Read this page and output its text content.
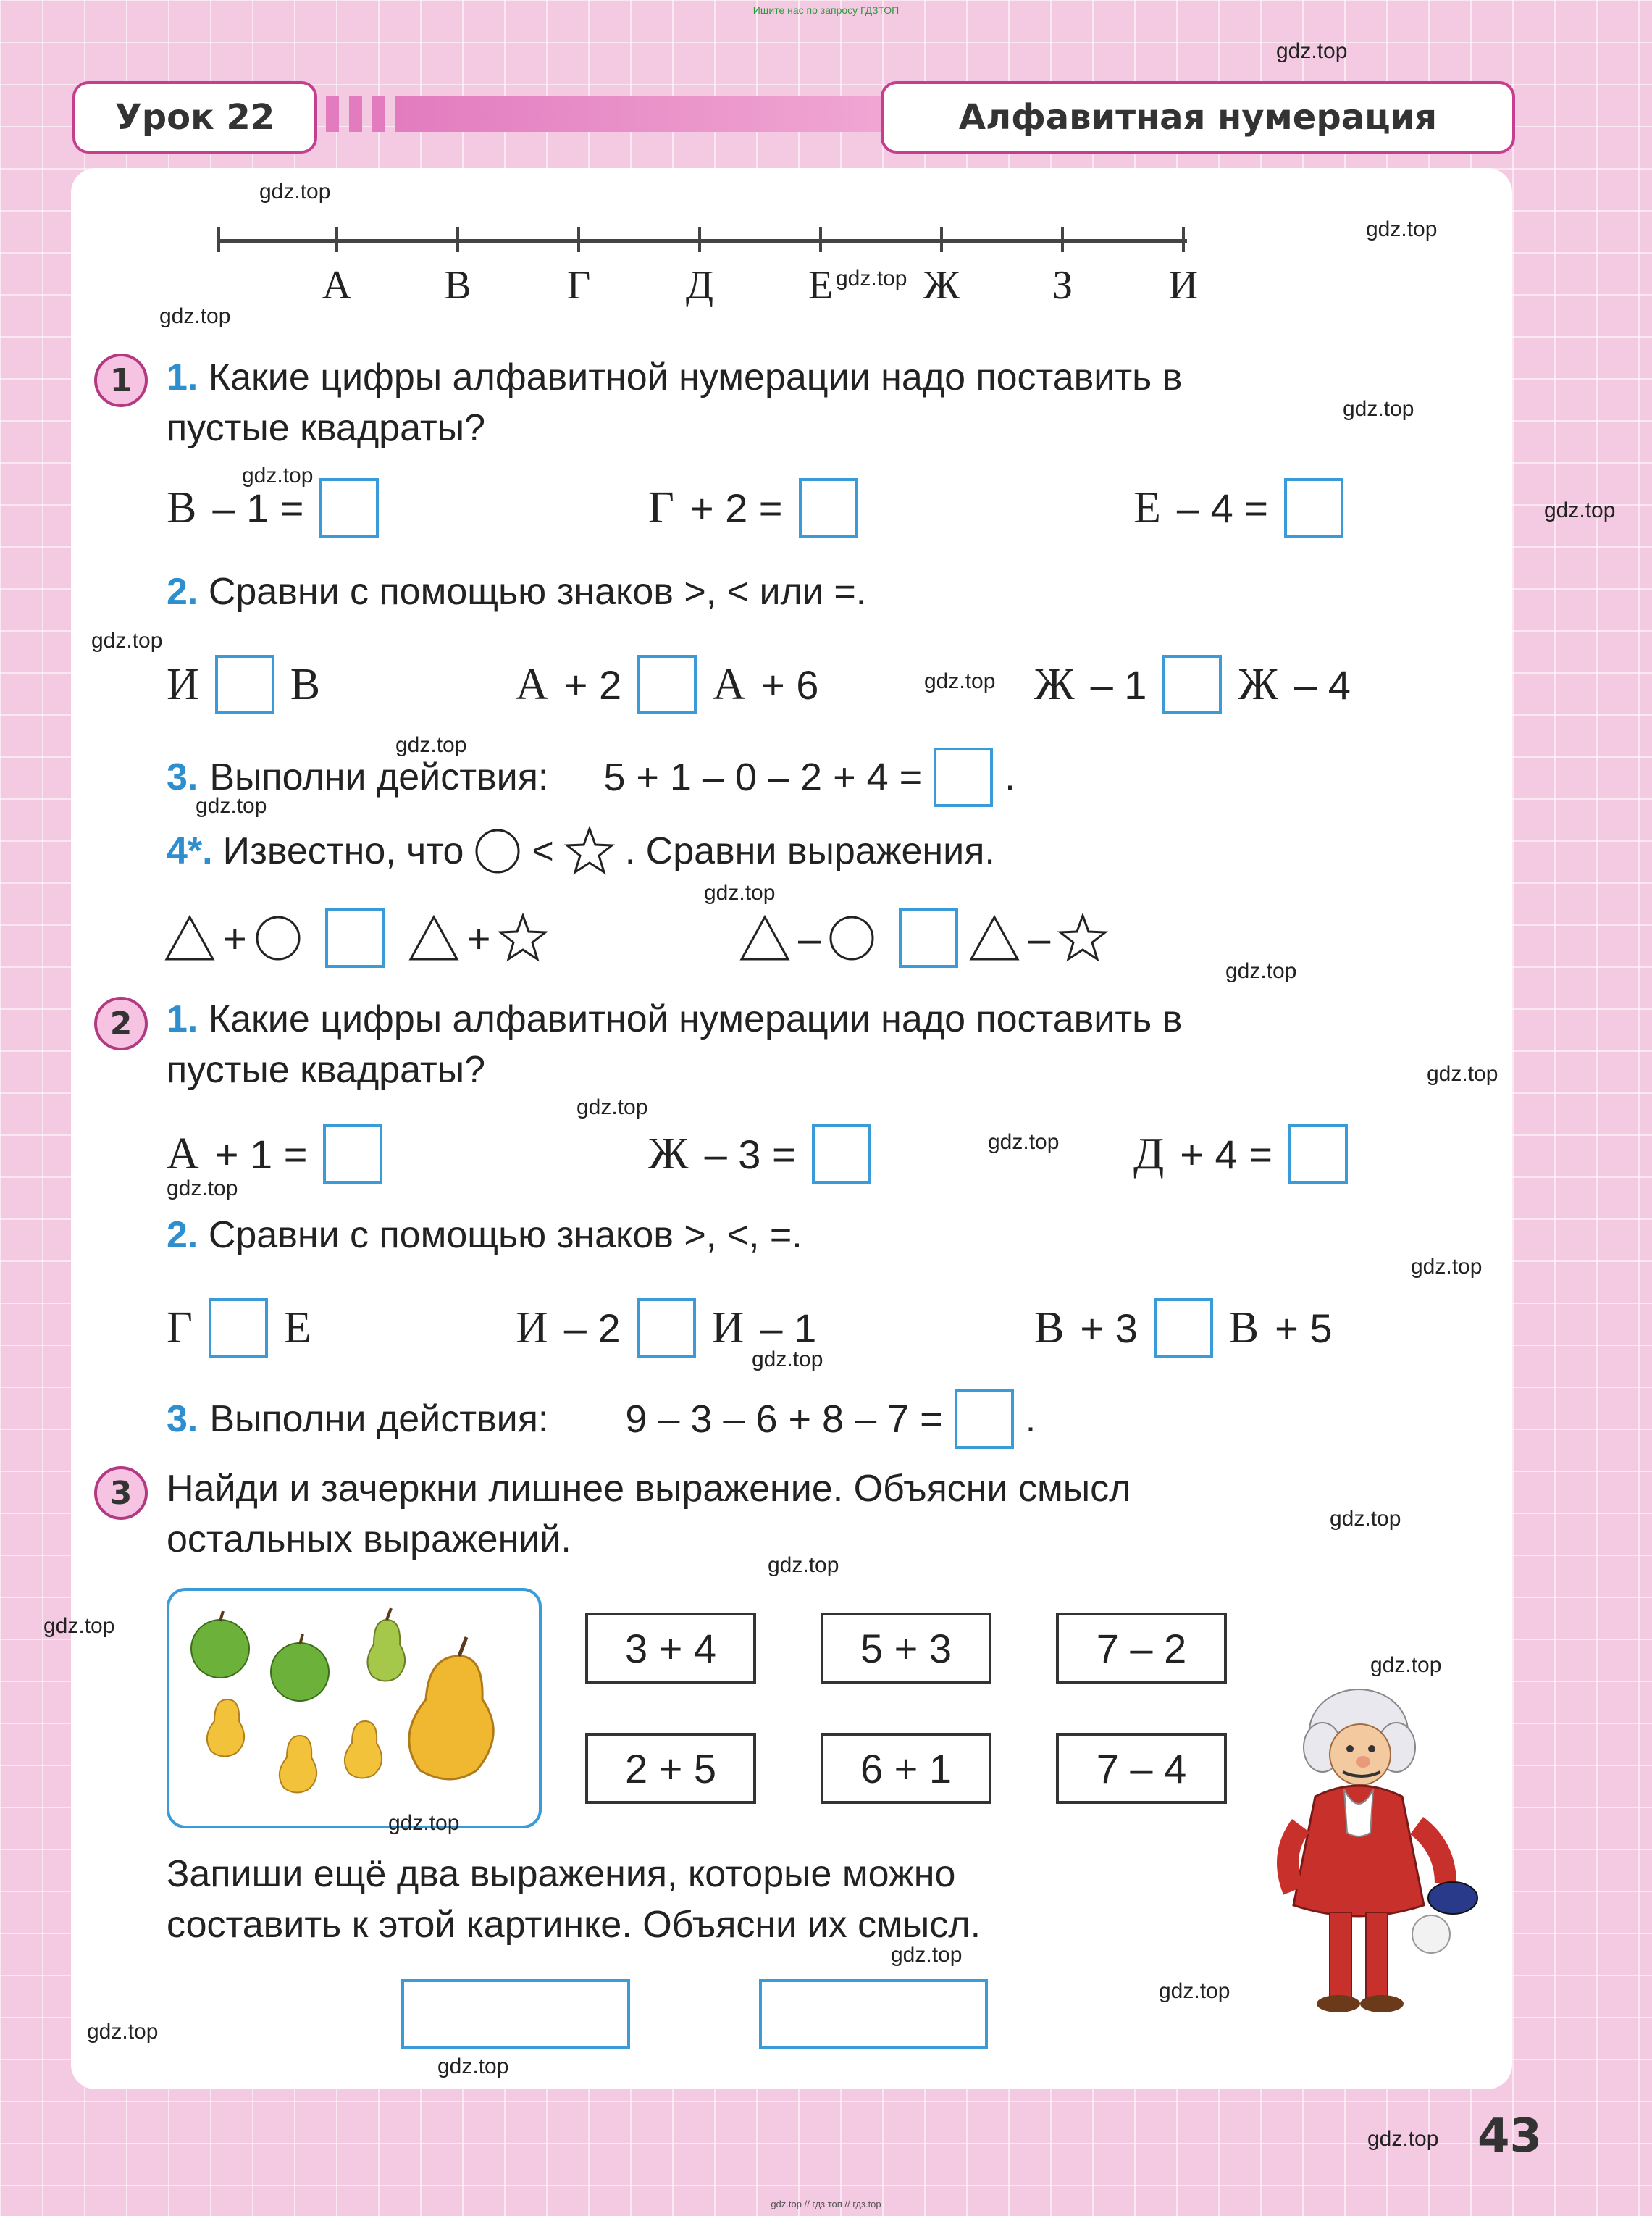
Ищите нас по запросу ГДЗТОП
Урок 22	Алфавитная нумерация
А	В	Г	Д	Е	Ж	З	И
1 1. Какие цифры алфавитной нумерации надо поставить в
пустые квадраты?
В – 1 =	Г + 2 =	Е – 4 =
2. Сравни с помощью знаков >, < или =.
И В	А + 2 А + 6	Ж – 1 Ж – 4
3. Выполни действия: 5 + 1 – 0 – 2 + 4 = .
4*. Известно, что < . Сравни выражения.
+	+	–	–
2 1. Какие цифры алфавитной нумерации надо поставить в
пустые квадраты?
А + 1 =	Ж – 3 =	Д + 4 =
2. Сравни с помощью знаков >, <, =.
Г Е	И – 2 И – 1	В + 3 В + 5
3. Выполни действия: 9 – 3 – 6 + 8 – 7 = .
3 Найди и зачеркни лишнее выражение. Объясни смысл
остальных выражений.
3 + 4	5 + 3	7 – 2
2 + 5	6 + 1	7 – 4
Запиши ещё два выражения, которые можно
составить к этой картинке. Объясни их смысл.
gdz.top
gdz.top
gdz.top
gdz.top
gdz.top
gdz.top
gdz.top
gdz.top
gdz.top
gdz.top
gdz.top
gdz.top
gdz.top
gdz.top
gdz.top
gdz.top
gdz.top
gdz.top
gdz.top
gdz.top
gdz.top
gdz.top
gdz.top
gdz.top
gdz.top
gdz.top
gdz.top
gdz.top
gdz.top
gdz.top 43
gdz.top // гдз топ // гдз.top
